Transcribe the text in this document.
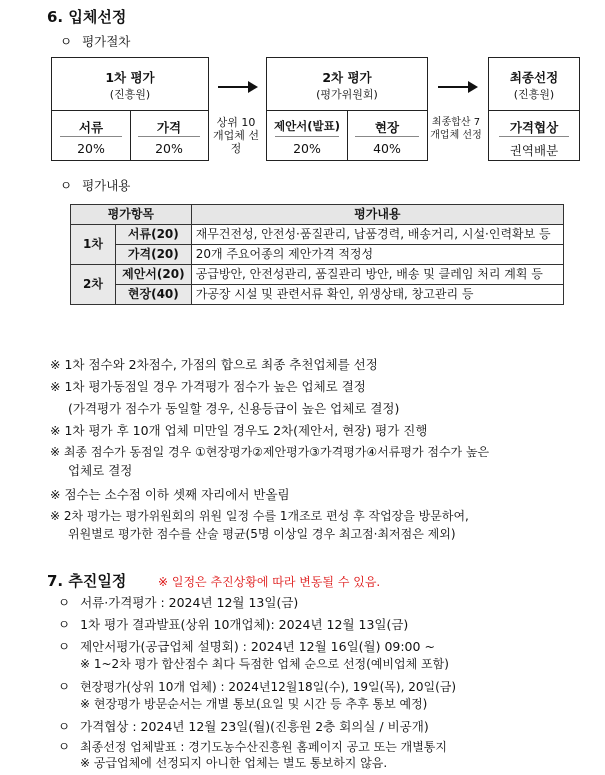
6. 입체선정
ㅇ 평가절차
1차 평가
(진흥원)
서류	가격
20%	20%
상위 10개업체 선정
2차 평가
(평가위원회)
제안서(발표)	현장
20%	40%
최종합산 7개업체 선정
최종선정
(진흥원)
가격협상
권역배분
ㅇ 평가내용
평가항목		평가내용
1차	서류(20)	재무건전성, 안전성·품질관리, 납품경력, 배송거리, 시설·인력확보 등
	가격(20)	20개 주요어종의 제안가격 적정성
2차	제안서(20)	공급방안, 안전성관리, 품질관리 방안, 배송 및 클레임 처리 계획 등
	현장(40)	가공장 시설 및 관련서류 확인, 위생상태, 창고관리 등
※ 1차 점수와 2차점수, 가점의 합으로 최종 추천업체를 선정
※ 1차 평가동점일 경우 가격평가 점수가 높은 업체로 결정
(가격평가 점수가 동일할 경우, 신용등급이 높은 업체로 결정)
※ 1차 평가 후 10개 업체 미만일 경우도 2차(제안서, 현장) 평가 진행
※ 최종 점수가 동점일 경우 ①현장평가②제안평가③가격평가④서류평가 점수가 높은
업체로 결정
※ 점수는 소수점 이하 셋째 자리에서 반올림
※ 2차 평가는 평가위원회의 위원 일정 수를 1개조로 편성 후 작업장을 방문하여,
위원별로 평가한 점수를 산술 평균(5명 이상일 경우 최고점·최저점은 제외)
7. 추진일정	※ 일정은 추진상황에 따라 변동될 수 있음.
ㅇ 서류·가격평가 : 2024년 12월 13일(금)
ㅇ 1차 평가 결과발표(상위 10개업체): 2024년 12월 13일(금)
ㅇ 제안서평가(공급업체 설명회) : 2024년 12월 16일(월) 09:00 ~
※ 1~2차 평가 합산점수 최다 득점한 업체 순으로 선정(예비업체 포함)
ㅇ 현장평가(상위 10개 업체) : 2024년12월18일(수), 19일(목), 20일(금)
※ 현장평가 방문순서는 개별 통보(요일 및 시간 등 추후 통보 예정)
ㅇ 가격협상 : 2024년 12월 23일(월)(진흥원 2층 회의실 / 비공개)
ㅇ 최종선정 업체발표 : 경기도농수산진흥원 홈페이지 공고 또는 개별통지
※ 공급업체에 선정되지 아니한 업체는 별도 통보하지 않음.
